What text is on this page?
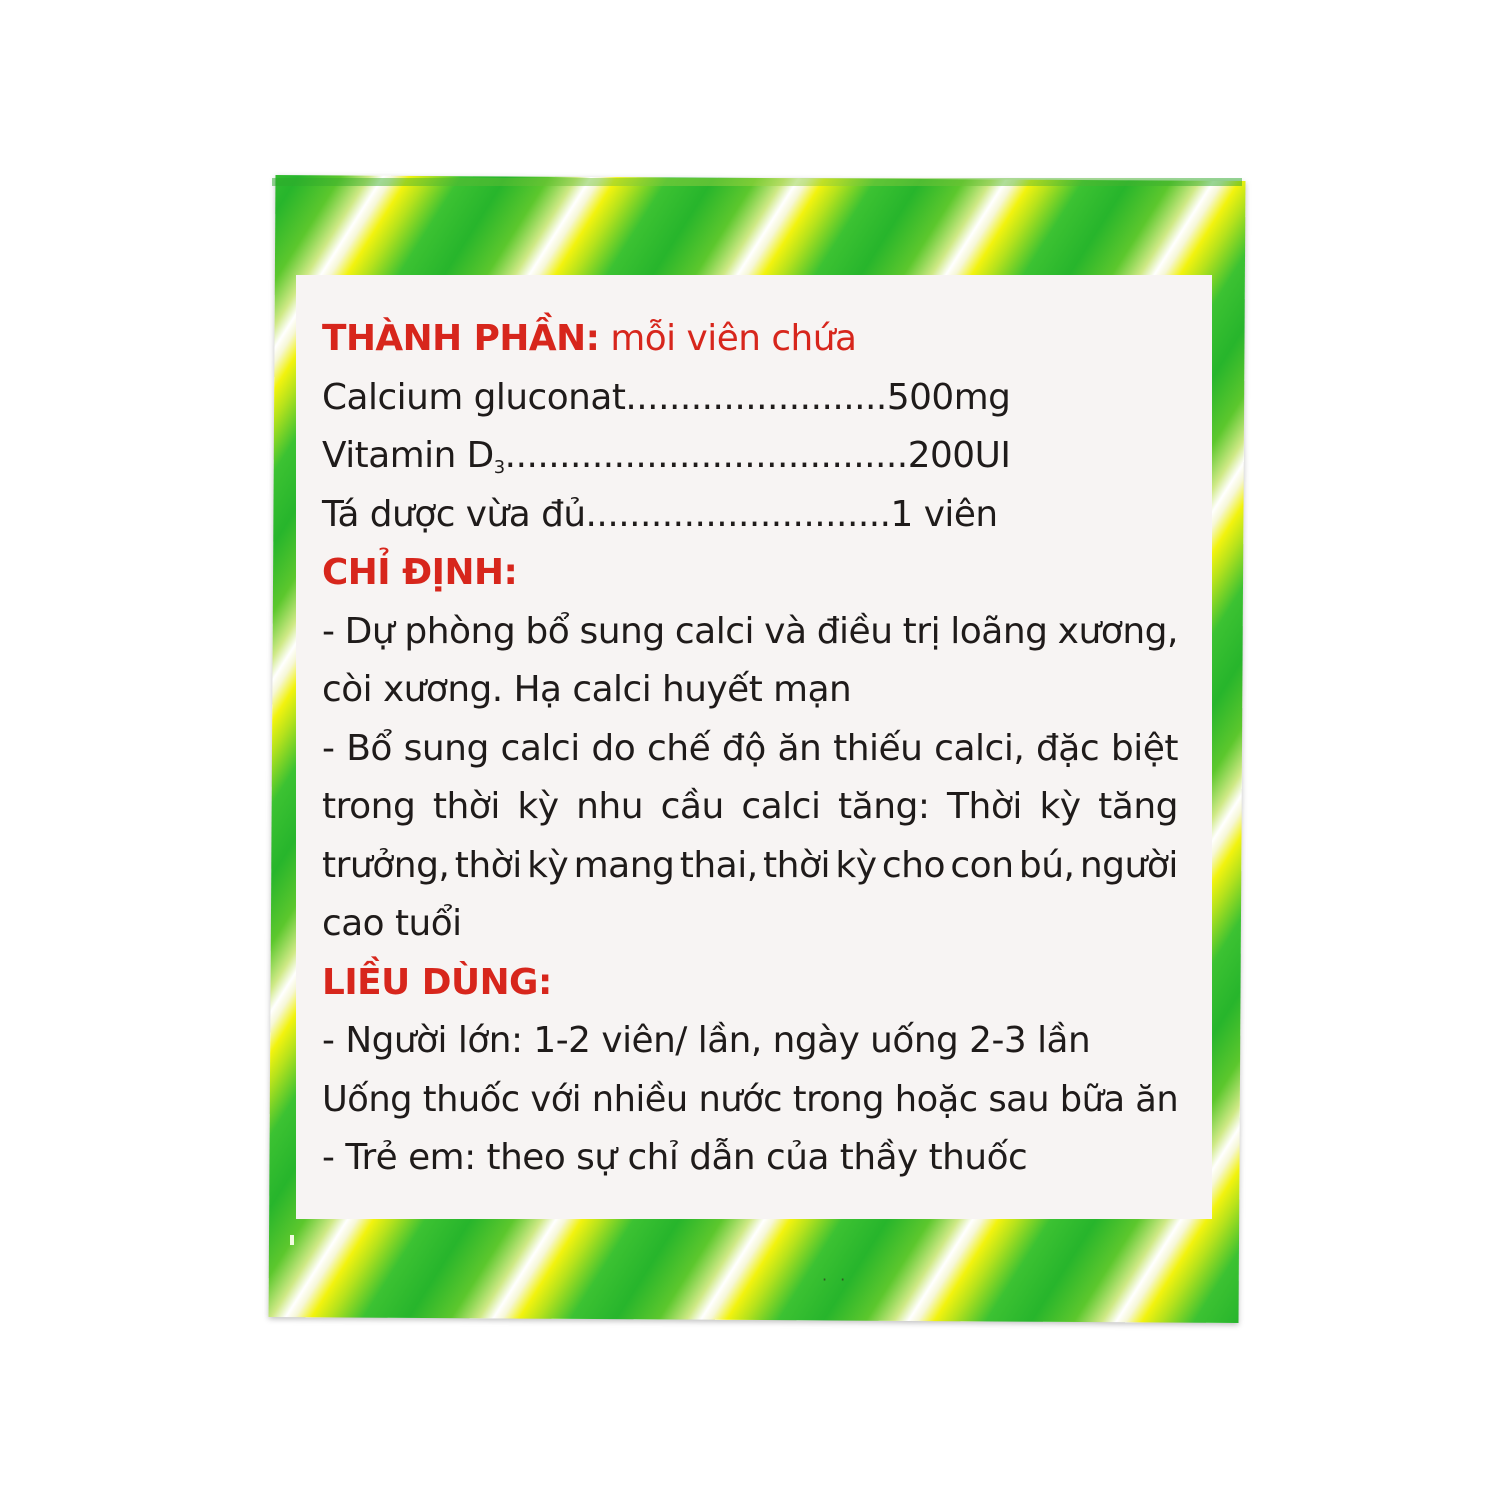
· ·
THÀNH PHẦN: mỗi viên chứa
Calcium gluconat........................500mg
Vitamin $D_3.....................................200UI$
Tá dược vừa đủ............................1 viên
CHỈ ĐỊNH:
- Dự phòng bổ sung calci và điều trị loãng xương,
còi xương. Hạ calci huyết mạn
- Bổ sung calci do chế độ ăn thiếu calci, đặc biệt
trong thời kỳ nhu cầu calci tăng: Thời kỳ tăng
trưởng, thời kỳ mang thai, thời kỳ cho con bú, người
cao tuổi
LIỀU DÙNG:
- Người lớn: 1-2 viên/ lần, ngày uống 2-3 lần
Uống thuốc với nhiều nước trong hoặc sau bữa ăn
- Trẻ em: theo sự chỉ dẫn của thầy thuốc
